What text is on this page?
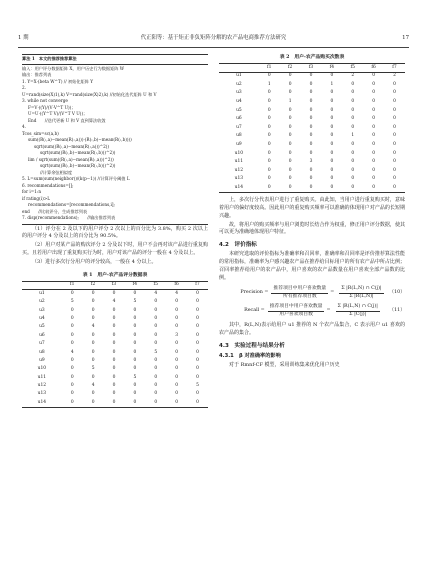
1 期	代正阳等：基于矩正非负矩阵分解的农产品电商推荐方法研究	17
算法 1　本文的推荐推荐算法
输入：用户评分数据矩阵 X，用户历史行为数据矩阵 W
输出：推荐列表
1. Y=X·(beta W^T) // 初始化矩阵 Y
2.
U=rand(size(X)1),k) V=rand(size(X)2),k) //初始化迭代矩阵 U 和 V
3. while not converge
F=V·((Y)/(V·V^T U))；
U=U·((Y^T V)/(V^T V U))；
End　　//迭代更新 U 和 V 直到算法收敛
4.
Tcos_sim=sc(a,b)
sum((R(:,a)−mean(R(:,a)))·(R(:,b)−mean(R(:,b))))
sqrt(sum((R(:,a)−mean(R(:,a)))^2))
sqrt(sum((R(:,b)−mean(R(:,b)))^2))
lim / sqrt(sum((R(:,a)−mean(R(:,a)))^2))
sqrt(sum((R(:,b)−mean(R(:,b)))^2))
//计算余弦相似度
5. L=sum(sum(neighbor))/(k(p−1)) //计算评分阈值 L
6. recommendations=[];
for i=1:n
if rating(i)>L
recommendations=[recommendations,i];
end　　//比较评分，生成推荐列表
7. disp(recommendations);　　//输出推荐列表

（1）评分在 2 及以下的用户评分 2 次以上的百分比为 3.8%，购买 2 次以上的用户评分 4 分及以上的百分比为 90.5%。

（2）用户对某产品的购次评分 2 分及以下时，用户不会再对该产品进行重复购买。且若用户出现了重复购买行为时，用户对该产品的评分一般在 4 分及以上。

（3）进行多次行分用户的评分较高，一般在 4 分以上。

表 1　用户-农产品评分数据表
	f1	f2	f3	f4	f5	f6	f7
u1	0	0	0	0	4	4	0
u2	5	0	4	5	0	0	0
u3	0	0	0	0	0	0	0
u4	0	0	0	0	0	0	0
u5	0	4	0	0	0	0	0
u6	0	0	0	0	0	3	0
u7	0	0	0	0	0	0	0
u8	4	0	0	0	5	0	0
u9	0	0	0	0	0	0	0
u10	0	5	0	0	0	0	0
u11	0	0	0	5	0	0	0
u12	0	4	0	0	0	0	5
u13	0	0	0	0	0	0	0
u14	0	0	0	0	0	0	0
表 2　用户-农产品购买次数表
	f1	f2	f3	f4	f5	f6	f7
u1	0	0	0	0	2	0	2
u2	1	0	0	1	0	0	0
u3	0	0	0	0	0	0	0
u4	0	1	0	0	0	0	0
u5	0	0	0	0	0	0	0
u6	0	0	0	0	0	0	0
u7	0	0	0	0	0	0	0
u8	0	0	0	0	1	0	0
u9	0	0	0	0	0	0	0
u10	0	0	0	0	0	0	0
u11	0	0	3	0	0	0	0
u12	0	0	0	0	0	0	0
u13	0	0	0	0	0	0	0
u14	0	0	0	0	0	0	0

上，多次行分代表用户进行了重复购买。由此知，当用户进行重复购买时，意味着用户的偏好度较高。因此用户的重复购买频率可以准确的体现用户对产品的长短期兴趣。

故，将用户的购买频率与用户浏览时长结合作为权重，修正用户评分数据，使其可以更为准确地体现用户特征。

4.2　评价指标

本研究选取的评价指标为准确率和召回率，准确率和召回率是评价推荐算法性能的常用指标，准确率为户感兴趣农产品在推荐给目标用户的所有农产品中所占比例；召回率推荐给用户的农产品中，用户喜欢的农产品数量在用户喜欢全部产品数的比例。

Precision = $\frac{\text{推荐项目中用户喜欢数量}}{\text{所有推荐项目数}} = \frac{\Sigma |R(L,N) \cap C(j)|}{\Sigma |R(L,N)|} (10)$
Recall = $\frac{\text{推荐项目中用户喜欢数量}}{\text{用户喜欢项目数}} = \frac{\Sigma |R(L,N) \cap C(j)|}{\Sigma |C(j)|} (11)$

其中，R(L,N)表示给用户 u1 推荐的 N 个农产品集合，C 表示用户 u1 喜欢的农产品的集合。

4.3　实验过程与结果分析
4.3.1　β 对准确率的影响

对于 Rmnf-CF 模型，采用训练集来优化用户历史
